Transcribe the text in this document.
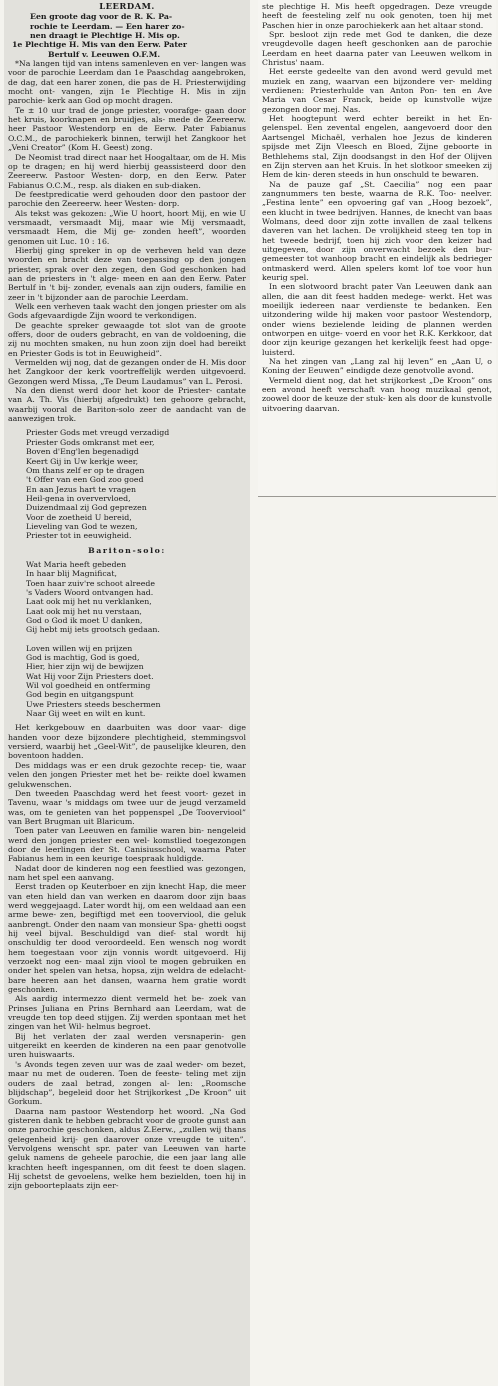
LEERDAM.

Een groote dag voor de R. K. Pa-

rochie te Leerdam. — Een harer zo-

nen draagt ie Plechtige H. Mis op.

1e Plechtige H. Mis van den Eerw. Pater

Bertulf v. Leeuwen O.F.M.

*Na langen tijd van intens samenleven en ver- langen was voor de parochie Leerdam dan 1e Paaschdag aangebroken, de dag, dat een harer zonen, die pas de H. Priesterwijding mocht ont- vangen, zijn 1e Plechtige H. Mis in zijn parochie- kerk aan God op mocht dragen.

Te ± 10 uur trad de jonge priester, voorafge- gaan door het kruis, koorknapen en bruidjes, als- mede de Zeereerw. heer Pastoor Westendorp en de Eerw. Pater Fabianus O.C.M., de parochiekerk binnen, terwijl het Zangkoor het „Veni Creator” (Kom H. Geest) zong.

De Neomist trad direct naar het Hoogaltaar, om de H. Mis op te dragen; en hij werd hierbij geassisteerd door den Zeereerw. Pastoor Westen- dorp, en den Eerw. Pater Fabianus O.C.M., resp. als diaken en sub-diaken.

De feestpredicatie werd gehouden door den pastoor der parochie den Zeereerw. heer Westen- dorp.

Als tekst was gekozen: „Wie U hoort, hoort Mij, en wie U versmaadt, versmaadt Mij, maar wie Mij versmaadt, versmaadt Hem, die Mij ge- zonden heeft”, woorden genomen uit Luc. 10 : 16.

Hierbij ging spreker in op de verheven held van deze woorden en bracht deze van toepassing op den jongen priester, sprak over den zegen, den God geschonken had aan de priesters in 't alge- meen en aan den Eerw. Pater Bertulf in 't bij- zonder, evenals aan zijn ouders, familie en zeer in 't bijzonder aan de parochie Leerdam.

Welk een verheven taak wacht den jongen priester om als Gods afgevaardigde Zijn woord te verkondigen.

De geachte spreker gewaagde tot slot van de groote offers, door de ouders gebracht, en van de voldoening, die zij nu mochten smaken, nu hun zoon zijn doel had bereikt en Priester Gods is tot in Eeuwigheid”.

Vermelden wij nog, dat de gezangen onder de H. Mis door het Zangkoor der kerk voortreffelijk werden uitgevoerd. Gezongen werd Missa, „Te Deum Laudamus” van L. Perosi.

Na den dienst werd door het koor de Priester- cantate van A. Th. Vis (hierbij afgedrukt) ten gehoore gebracht, waarbij vooral de Bariton-solo zeer de aandacht van de aanwezigen trok.

Priester Gods met vreugd verzadigd
Priester Gods omkranst met eer,
Boven d'Eng'len begenadigd
Keert Gij in Uw kerkje weer,
Om thans zelf er op te dragen
't Offer van een God zoo goed
En aan Jezus hart te vragen
Heil-gena in oververvloed,
Duizendmaal zij God geprezen
Voor de zoetheid U bereid,
Lieveling van God te wezen,
Priester tot in eeuwigheid.

Bariton-solo:

Wat Maria heeft gebeden
In haar blij Magnificat,
Toen haar zuiv're schoot alreede
's Vaders Woord ontvangen had.
Laat ook mij het nu verklanken,
Laat ook mij het nu verstaan,
God o God ik moet U danken,
Gij hebt mij iets grootsch gedaan.
Loven willen wij en prijzen
God is machtig, God is goed,
Hier, hier zijn wij de bewijzen
Wat Hij voor Zijn Priesters doet.
Wil vol goedheid en ontferming
God begin en uitgangspunt
Uwe Priesters steeds beschermen
Naar Gij weet en wilt en kunt.

Het kerkgebouw en daarbuiten was door vaar- dige handen voor deze bijzondere plechtigheid, stemmingsvol versierd, waarbij het „Geel-Wit”, de pauselijke kleuren, den boventoon hadden.

Des middags was er een druk gezochte recep- tie, waar velen den jongen Priester met het be- reikte doel kwamen gelukwenschen.

Den tweeden Paaschdag werd het feest voort- gezet in Tavenu, waar 's middags om twee uur de jeugd verzameld was, om te genieten van het poppenspel „De Tooverviool” van Bert Brugman uit Blaricum.

Toen pater van Leeuwen en familie waren bin- nengeleid werd den jongen priester een wel- komstlied toegezongen door de leerlingen der St. Canisiusschool, waarna Pater Fabianus hem in een keurige toespraak huldigde.

Nadat door de kinderen nog een feestlied was gezongen, nam het spel een aanvang.

Eerst traden op Keuterboer en zijn knecht Hap, die meer van eten hield dan van werken en daarom door zijn baas werd weggejaagd. Later wordt hij, om een weldaad aan een arme bewe- zen, begiftigd met een tooverviool, die geluk aanbrengt. Onder den naam van monsieur Spa- ghetti oogst hij veel bijval. Beschuldigd van dief- stal wordt hij onschuldig ter dood veroordeeld. Een wensch nog wordt hem toegestaan voor zijn vonnis wordt uitgevoerd. Hij verzoekt nog een- maal zijn viool te mogen gebruiken en onder het spelen van hetsa, hopsa, zijn weldra de edelacht- bare heeren aan het dansen, waarna hem gratie wordt geschonken.

Als aardig intermezzo dient vermeld het be- zoek van Prinses Juliana en Prins Bernhard aan Leerdam, wat de vreugde ten top deed stijgen. Zij werden spontaan met het zingen van het Wil- helmus begroet.

Bij het verlaten der zaal werden versnaperin- gen uitgereikt en keerden de kinderen na een paar genotvolle uren huiswaarts.

's Avonds tegen zeven uur was de zaal weder- om bezet, maar nu met de ouderen. Toen de feeste- teling met zijn ouders de zaal betrad, zongen al- len: „Roomsche blijdschap”, begeleid door het Strijkorkest „De Kroon” uit Gorkum.

Daarna nam pastoor Westendorp het woord. „Na God gisteren dank te hebben gebracht voor de groote gunst aan onze parochie geschonken, aldus Z.Eerw., „zullen wij thans gelegenheid krij- gen daarover onze vreugde te uiten”. Vervolgens wenscht spr. pater van Leeuwen van harte geluk namens de geheele parochie, die een jaar lang alle krachten heeft ingespannen, om dit feest te doen slagen. Hij schetst de gevoelens, welke hem bezielden, toen hij in zijn geboorteplaats zijn eer-

ste plechtige H. Mis heeft opgedragen. Deze vreugde heeft de feesteling zelf nu ook genoten, toen hij met Paschen hier in onze parochiekerk aan het altaar stond.

Spr. besloot zijn rede met God te danken, die deze vreugdevolle dagen heeft geschonken aan de parochie Leerdam en heet daarna pater van Leeuwen welkom in Christus' naam.

Het eerste gedeelte van den avond werd gevuld met muziek en zang, waarvan een bijzondere ver- melding verdienen: Priesterhulde van Anton Pon- ten en Ave Maria van Cesar Franck, beide op kunstvolle wijze gezongen door mej. Nas.

Het hoogtepunt werd echter bereikt in het En- gelenspel. Een zevental engelen, aangevoerd door den Aartsengel Michaël, verhalen hoe Jezus de kinderen spijsde met Zijn Vleesch en Bloed, Zijne geboorte in Bethlehems stal, Zijn doodsangst in den Hof der Olijven en Zijn sterven aan het Kruis. In het slotkoor smeeken zij Hem de kin- deren steeds in hun onschuld te bewaren.

Na de pauze gaf „St. Caecilia” nog een paar zangnummers ten beste, waarna de R.K. Too- neelver. „Festina lente” een opvoering gaf van „Hoog bezoek”, een klucht in twee bedrijven. Hannes, de knecht van baas Wolmans, deed door zijn zotte invallen de zaal telkens daveren van het lachen. De vrolijkheid steeg ten top in het tweede bedrijf, toen hij zich voor den keizer had uitgegeven, door zijn onverwacht bezoek den bur- gemeester tot wanhoop bracht en eindelijk als bedrieger ontmaskerd werd. Allen spelers komt lof toe voor hun keurig spel.

In een slotwoord bracht pater Van Leeuwen dank aan allen, die aan dit feest hadden medege- werkt. Het was moeilijk iedereen naar verdienste te bedanken. Een uitzondering wilde hij maken voor pastoor Westendorp, onder wiens bezielende leiding de plannen werden ontworpen en uitge- voerd en voor het R.K. Kerkkoor, dat door zijn keurige gezangen het kerkelijk feest had opge- luisterd.

Na het zingen van „Lang zal hij leven” en „Aan U, o Koning der Eeuwen” eindigde deze genotvolle avond.

Vermeld dient nog, dat het strijkorkest „De Kroon” ons een avond heeft verschaft van hoog muzikaal genot, zoowel door de keuze der stuk- ken als door de kunstvolle uitvoering daarvan.
